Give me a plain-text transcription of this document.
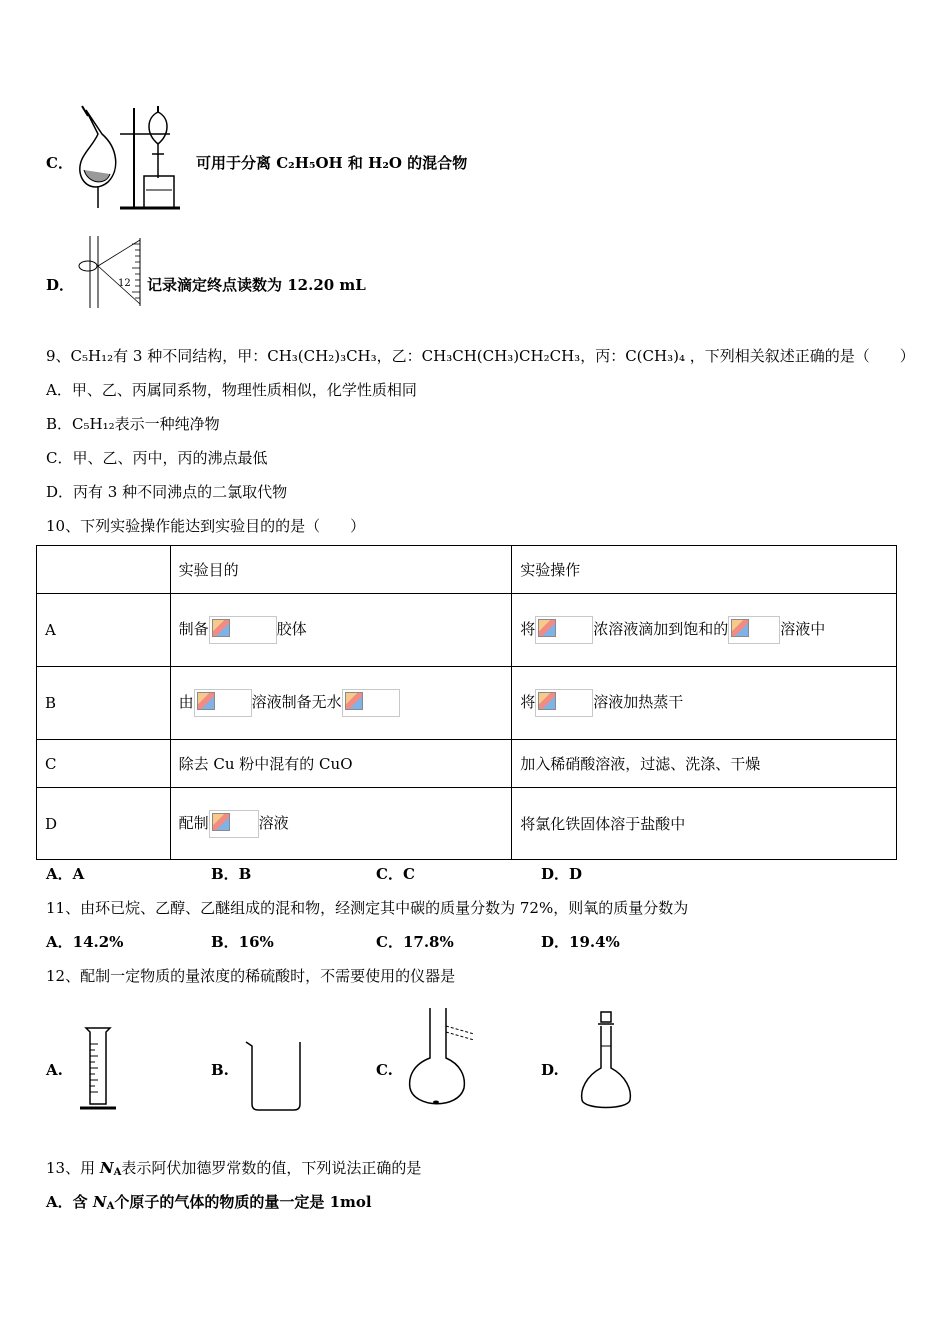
C．	可用于分离 C₂H₅OH 和 H₂O 的混合物
D．	12 记录滴定终点读数为 12.20 mL
9、C₅H₁₂有 3 种不同结构，甲：CH₃(CH₂)₃CH₃，乙：CH₃CH(CH₃)CH₂CH₃，丙：C(CH₃)₄ ，下列相关叙述正确的是（　　）
A．甲、乙、丙属同系物，物理性质相似，化学性质相同
B．C₅H₁₂表示一种纯净物
C．甲、乙、丙中，丙的沸点最低
D．丙有 3 种不同沸点的二氯取代物
10、下列实验操作能达到实验目的的是（　　）
	实验目的	实验操作
A	制备 胶体	将 浓溶液滴加到饱和的 溶液中
B	由 溶液制备无水	将 溶液加热蒸干
C	除去 Cu 粉中混有的 CuO	加入稀硝酸溶液，过滤、洗涤、干燥
D	配制 溶液	将氯化铁固体溶于盐酸中
A．A	B．B	C．C	D．D
11、由环已烷、乙醇、乙醚组成的混和物，经测定其中碳的质量分数为 72%，则氧的质量分数为
A．14.2%	B．16%	C．17.8%	D．19.4%
12、配制一定物质的量浓度的稀硫酸时，不需要使用的仪器是
A.	B.	C.	D.
13、用 NA表示阿伏加德罗常数的值，下列说法正确的是
A．含 NA个原子的气体的物质的量一定是 1mol
